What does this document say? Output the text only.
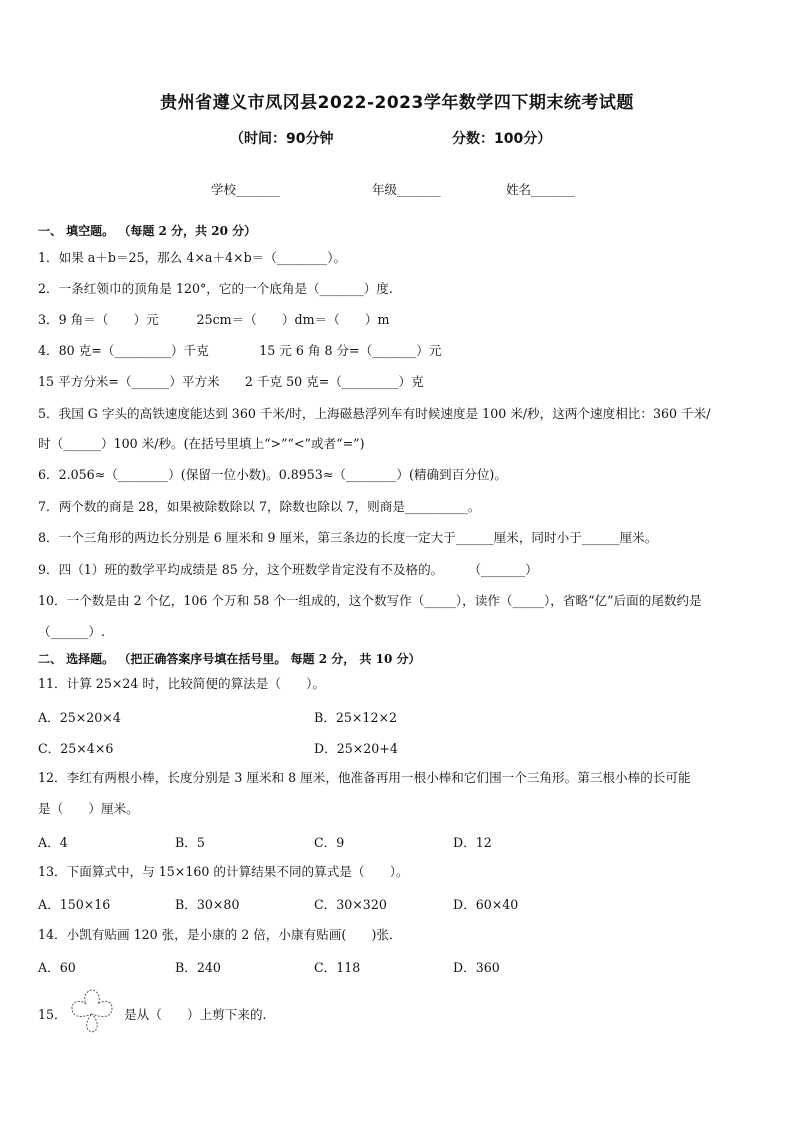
贵州省遵义市凤冈县2022-2023学年数学四下期末统考试题
（时间：90分钟	分数：100分）
学校_______	年级_______	姓名_______
一、 填空题。 （每题 2 分，共 20 分）
1．如果 a＋b＝25，那么 4×a＋4×b＝（________）。
2．一条红领巾的顶角是 120°，它的一个底角是（_______）度.
3．9 角＝（　　）元　　　25cm＝（　　）dm＝（　　）m
4．80 克=（_________）千克　　　　15 元 6 角 8 分=（_______）元
15 平方分米=（______）平方米　　2 千克 50 克=（_________）克
5．我国 G 字头的高铁速度能达到 360 千米/时，上海磁悬浮列车有时候速度是 100 米/秒，这两个速度相比：360 千米/
时（______）100 米/秒。(在括号里填上“>”“<”或者“=”)
6．2.056≈（________）(保留一位小数)。0.8953≈（________）(精确到百分位)。
7．两个数的商是 28，如果被除数除以 7，除数也除以 7，则商是__________。
8．一个三角形的两边长分别是 6 厘米和 9 厘米，第三条边的长度一定大于______厘米，同时小于______厘米。
9．四（1）班的数学平均成绩是 85 分，这个班数学肯定没有不及格的。　　　（_______）
10．一个数是由 2 个亿，106 个万和 58 个一组成的，这个数写作（_____），读作（_____），省略“亿”后面的尾数约是
（______）.
二、 选择题。 （把正确答案序号填在括号里。 每题 2 分， 共 10 分）
11．计算 25×24 时，比较简便的算法是（　　）。
A．25×20×4	B．25×12×2
C．25×4×6	D．25×20+4
12．李红有两根小棒，长度分别是 3 厘米和 8 厘米，他准备再用一根小棒和它们围一个三角形。第三根小棒的长可能
是（　　）厘米。
A．4	B．5	C．9	D．12
13．下面算式中，与 15×160 的计算结果不同的算式是（　　）。
A．150×16	B．30×80	C．30×320	D．60×40
14．小凯有贴画 120 张，是小康的 2 倍，小康有贴画(　　)张．
A．60	B．240	C．118	D．360
15．	是从（　　）上剪下来的.
